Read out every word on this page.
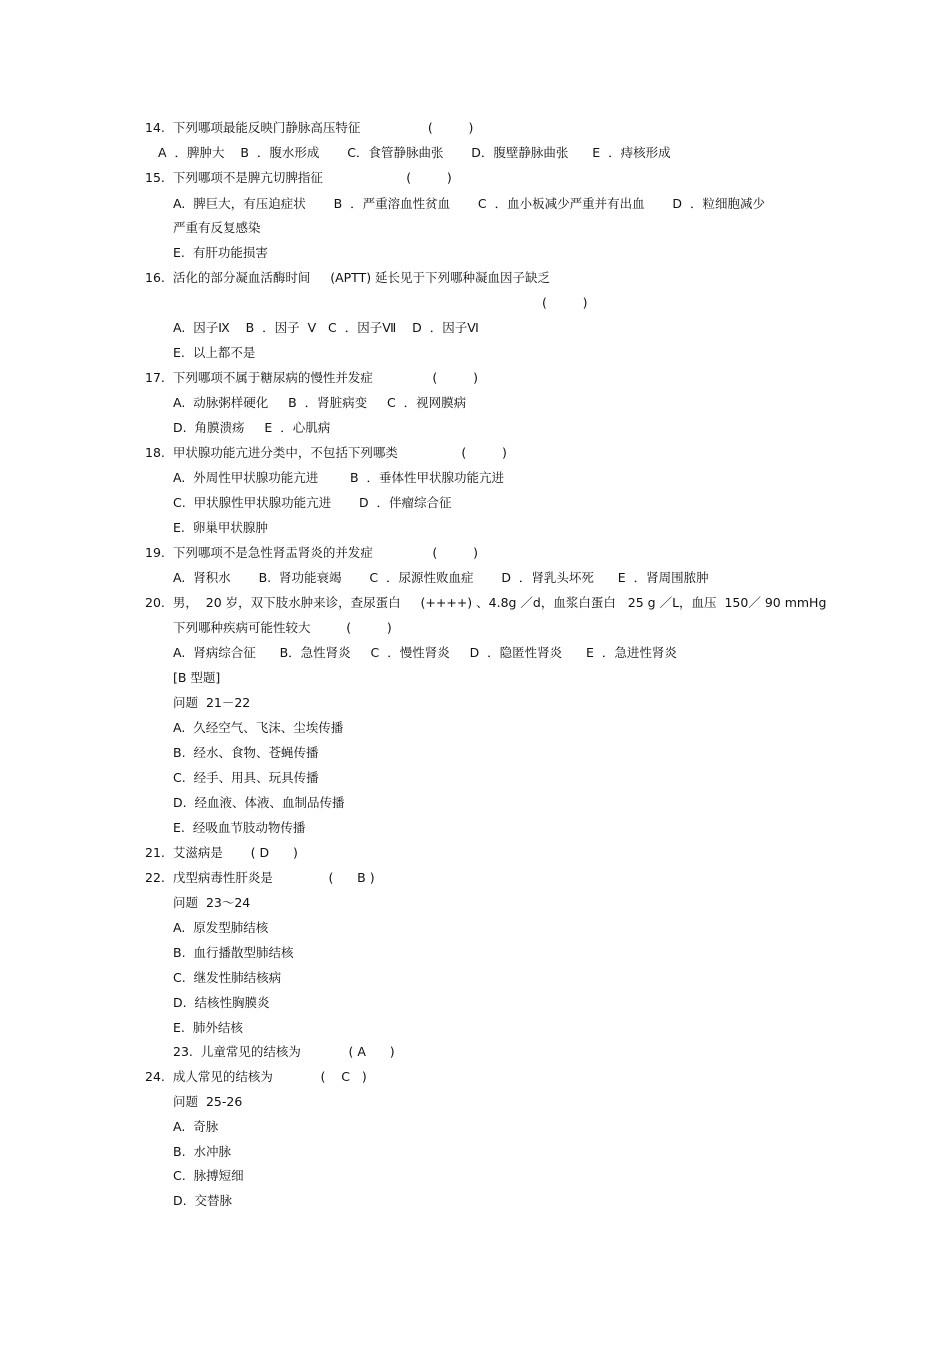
14.  下列哪项最能反映门静脉高压特征                 (         )
A  ．脾肿大    B  ．腹水形成       C．食管静脉曲张       D．腹壁静脉曲张      E  ．痔核形成
15.  下列哪项不是脾亢切脾指征                     (         )
A.  脾巨大，有压迫症状       B  ．严重溶血性贫血       C  ．血小板减少严重并有出血       D  ．粒细胞减少
严重有反复感染
E.  有肝功能损害
16.  活化的部分凝血活酶时间     (APTT) 延长见于下列哪种凝血因子缺乏
(         )
A.  因子Ⅸ    B  ．因子  V   C  ．因子Ⅶ    D  ．因子Ⅵ
E.  以上都不是
17.  下列哪项不属于糖尿病的慢性并发症               (         )
A.  动脉粥样硬化     B  ．肾脏病变     C  ．视网膜病
D.  角膜溃疡     E  ．心肌病
18.  甲状腺功能亢进分类中，不包括下列哪类                (         )
A.  外周性甲状腺功能亢进        B  ．垂体性甲状腺功能亢进
C.  甲状腺性甲状腺功能亢进       D  ．伴瘤综合征
E.  卵巢甲状腺肿
19.  下列哪项不是急性肾盂肾炎的并发症               (         )
A.  肾积水       B.  肾功能衰竭       C  ．尿源性败血症       D  ．肾乳头坏死      E  ．肾周围脓肿
20.  男，  20 岁，双下肢水肿来诊，查尿蛋白     (++++) 、4.8g ／d，血浆白蛋白   25 g ／L，血压  150／ 90 mmHg
下列哪种疾病可能性较大         (         )
A.  肾病综合征      B．急性肾炎     C  ．慢性肾炎     D  ．隐匿性肾炎      E  ．急进性肾炎
[B 型题]
问题  21－22
A.  久经空气、飞沫、尘埃传播
B.  经水、食物、苍蝇传播
C.  经手、用具、玩具传播
D.  经血液、体液、血制品传播
E.  经吸血节肢动物传播
21.  艾滋病是       ( D      )
22.  戊型病毒性肝炎是              (      B )
问题  23～24
A.  原发型肺结核
B.  血行播散型肺结核
C.  继发性肺结核病
D.  结核性胸膜炎
E.  肺外结核
23.  儿童常见的结核为            ( A      )
24.  成人常见的结核为            (    C   )
问题  25-26
A.  奇脉
B.  水冲脉
C.  脉搏短细
D.  交替脉
